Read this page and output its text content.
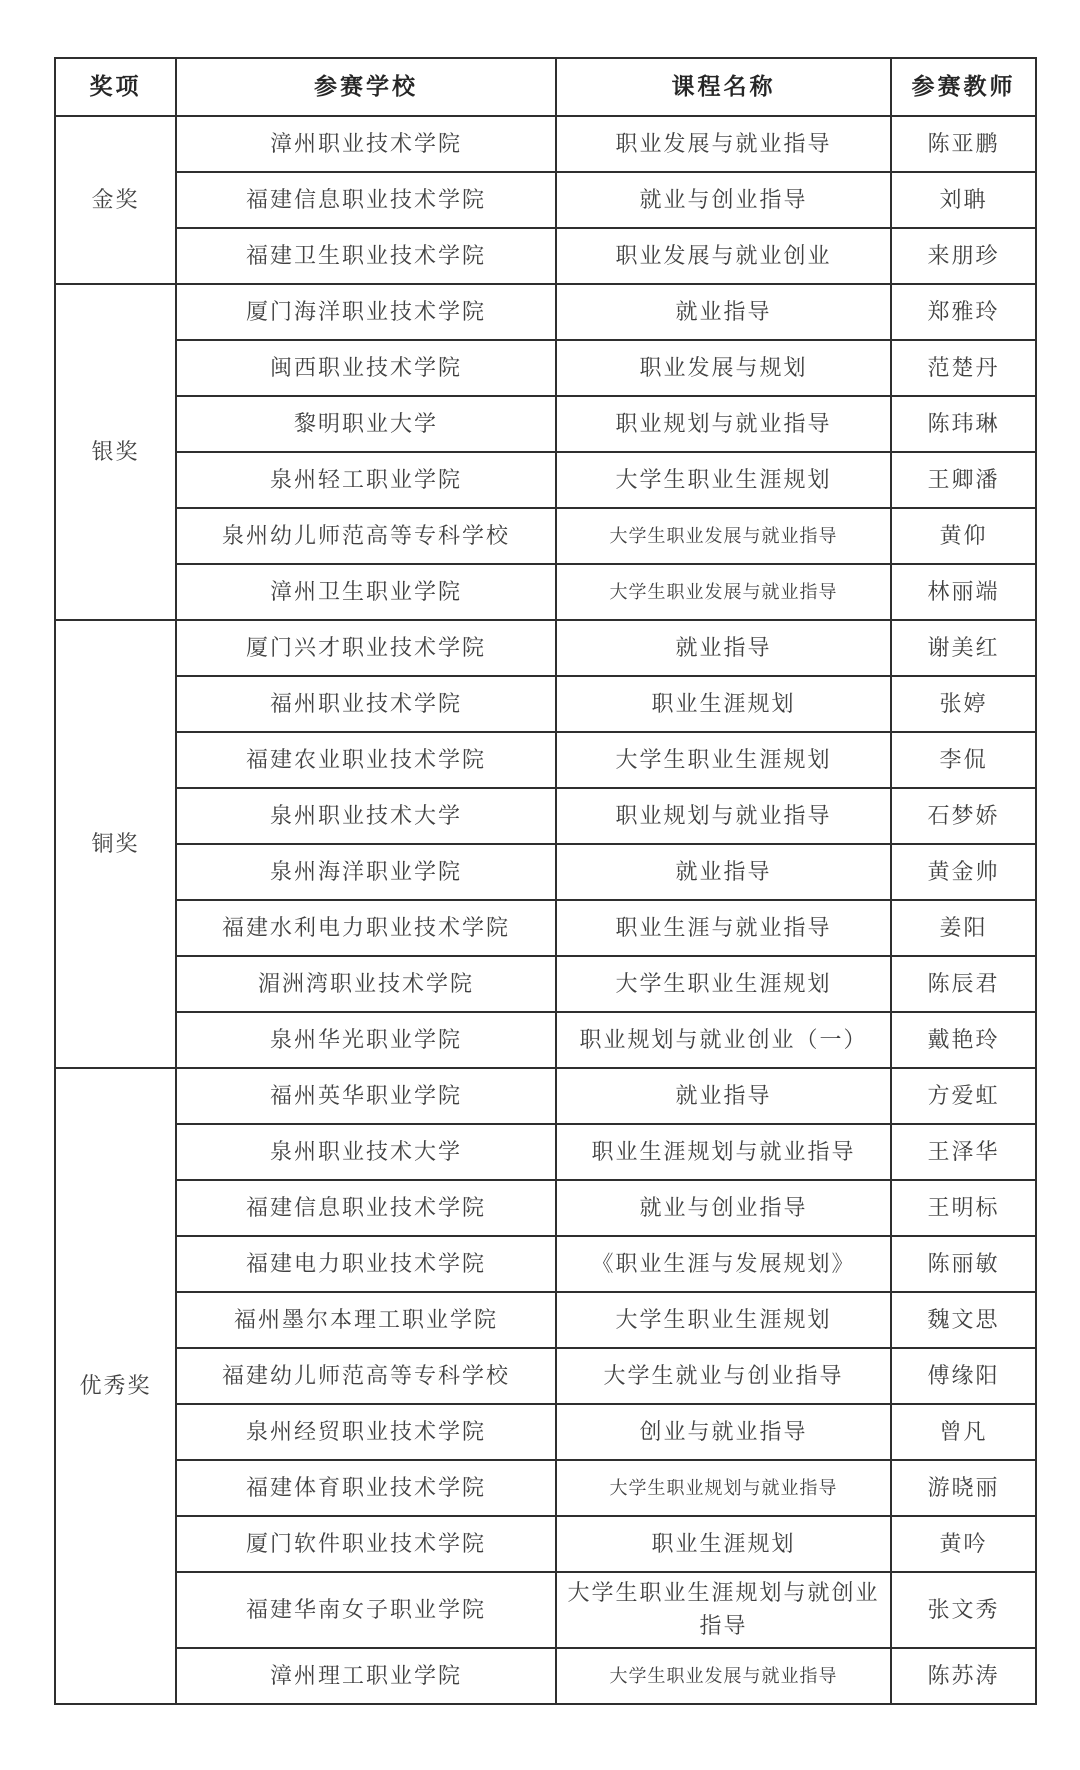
奖项	参赛学校	课程名称	参赛教师
金奖	漳州职业技术学院	职业发展与就业指导	陈亚鹏
	福建信息职业技术学院	就业与创业指导	刘聃
	福建卫生职业技术学院	职业发展与就业创业	来朋珍
银奖	厦门海洋职业技术学院	就业指导	郑雅玲
	闽西职业技术学院	职业发展与规划	范楚丹
	黎明职业大学	职业规划与就业指导	陈玮琳
	泉州轻工职业学院	大学生职业生涯规划	王卿潘
	泉州幼儿师范高等专科学校	大学生职业发展与就业指导	黄仰
	漳州卫生职业学院	大学生职业发展与就业指导	林丽端
铜奖	厦门兴才职业技术学院	就业指导	谢美红
	福州职业技术学院	职业生涯规划	张婷
	福建农业职业技术学院	大学生职业生涯规划	李侃
	泉州职业技术大学	职业规划与就业指导	石梦娇
	泉州海洋职业学院	就业指导	黄金帅
	福建水利电力职业技术学院	职业生涯与就业指导	姜阳
	湄洲湾职业技术学院	大学生职业生涯规划	陈辰君
	泉州华光职业学院	职业规划与就业创业（一）	戴艳玲
优秀奖	福州英华职业学院	就业指导	方爱虹
	泉州职业技术大学	职业生涯规划与就业指导	王泽华
	福建信息职业技术学院	就业与创业指导	王明标
	福建电力职业技术学院	《职业生涯与发展规划》	陈丽敏
	福州墨尔本理工职业学院	大学生职业生涯规划	魏文思
	福建幼儿师范高等专科学校	大学生就业与创业指导	傅缘阳
	泉州经贸职业技术学院	创业与就业指导	曾凡
	福建体育职业技术学院	大学生职业规划与就业指导	游晓丽
	厦门软件职业技术学院	职业生涯规划	黄吟
	福建华南女子职业学院	大学生职业生涯规划与就创业指导	张文秀
	漳州理工职业学院	大学生职业发展与就业指导	陈苏涛
